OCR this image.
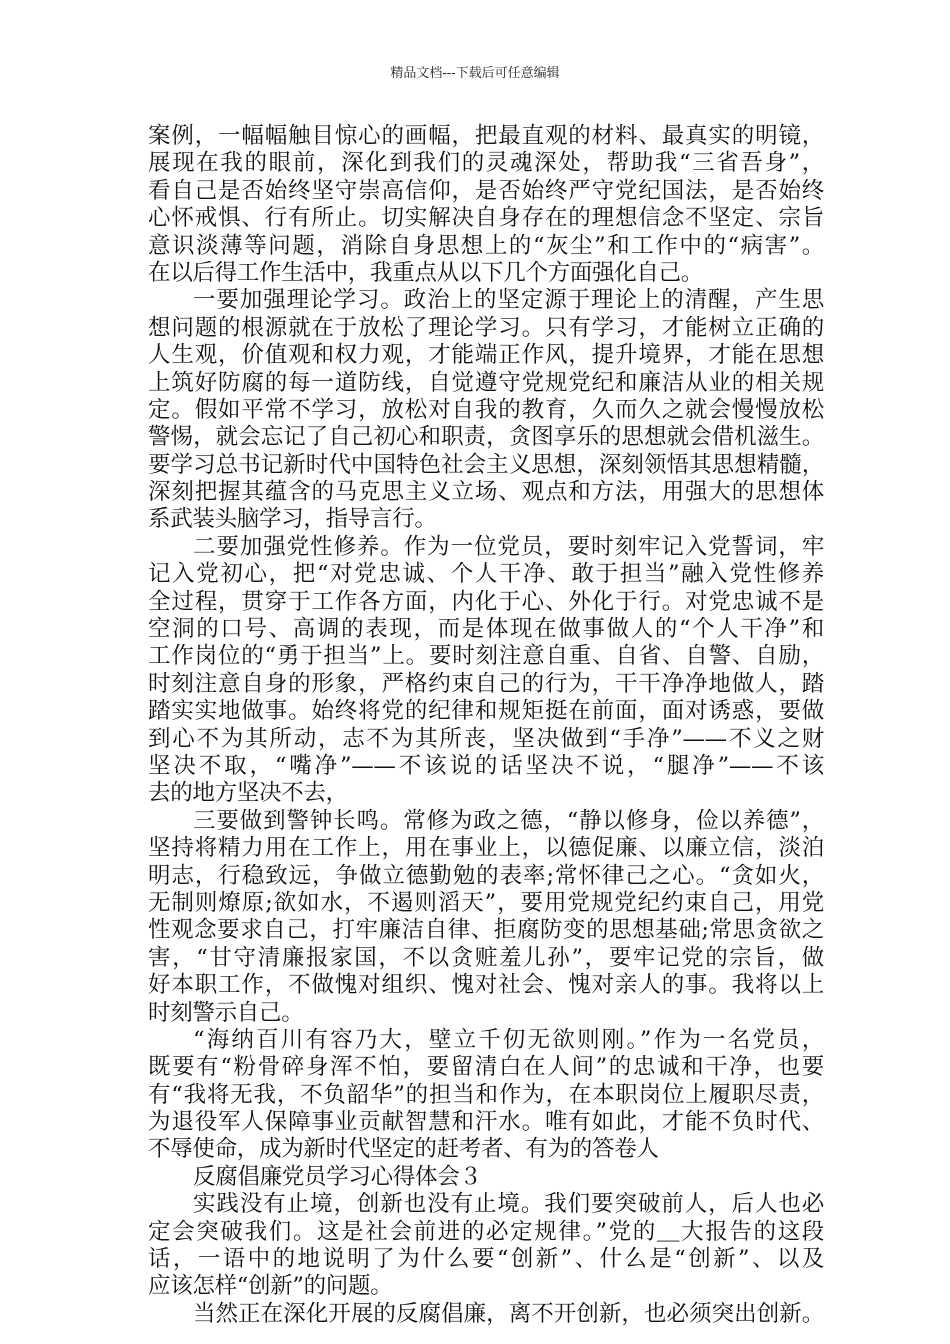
精品文档---下载后可任意编辑
案例，一幅幅触目惊心的画幅，把最直观的材料、最真实的明镜，
展现在我的眼前，深化到我们的灵魂深处，帮助我“三省吾身”，
看自己是否始终坚守崇高信仰，是否始终严守党纪国法，是否始终
心怀戒惧、行有所止。切实解决自身存在的理想信念不坚定、宗旨
意识淡薄等问题，消除自身思想上的“灰尘”和工作中的“病害”。
在以后得工作生活中，我重点从以下几个方面强化自己。
一要加强理论学习。政治上的坚定源于理论上的清醒，产生思
想问题的根源就在于放松了理论学习。只有学习，才能树立正确的
人生观，价值观和权力观，才能端正作风，提升境界，才能在思想
上筑好防腐的每一道防线，自觉遵守党规党纪和廉洁从业的相关规
定。假如平常不学习，放松对自我的教育，久而久之就会慢慢放松
警惕，就会忘记了自己初心和职责，贪图享乐的思想就会借机滋生。
要学习总书记新时代中国特色社会主义思想，深刻领悟其思想精髓，
深刻把握其蕴含的马克思主义立场、观点和方法，用强大的思想体
系武装头脑学习，指导言行。
二要加强党性修养。作为一位党员，要时刻牢记入党誓词，牢
记入党初心，把“对党忠诚、个人干净、敢于担当”融入党性修养
全过程，贯穿于工作各方面，内化于心、外化于行。对党忠诚不是
空洞的口号、高调的表现，而是体现在做事做人的“个人干净”和
工作岗位的“勇于担当”上。要时刻注意自重、自省、自警、自励，
时刻注意自身的形象，严格约束自己的行为，干干净净地做人，踏
踏实实地做事。始终将党的纪律和规矩挺在前面，面对诱惑，要做
到心不为其所动，志不为其所丧，坚决做到“手净”——不义之财
坚决不取，“嘴净”——不该说的话坚决不说，“腿净”——不该
去的地方坚决不去，
三要做到警钟长鸣。常修为政之德，“静以修身，俭以养德”，
坚持将精力用在工作上，用在事业上，以德促廉、以廉立信，淡泊
明志，行稳致远，争做立德勤勉的表率;常怀律己之心。“贪如火，
无制则燎原;欲如水，不遏则滔天”，要用党规党纪约束自己，用党
性观念要求自己，打牢廉洁自律、拒腐防变的思想基础;常思贪欲之
害，“甘守清廉报家国，不以贪赃羞儿孙”，要牢记党的宗旨，做
好本职工作，不做愧对组织、愧对社会、愧对亲人的事。我将以上
时刻警示自己。
“海纳百川有容乃大，壁立千仞无欲则刚。”作为一名党员，
既要有“粉骨碎身浑不怕，要留清白在人间”的忠诚和干净，也要
有“我将无我，不负韶华”的担当和作为，在本职岗位上履职尽责，
为退役军人保障事业贡献智慧和汗水。唯有如此，才能不负时代、
不辱使命，成为新时代坚定的赶考者、有为的答卷人
反腐倡廉党员学习心得体会３
实践没有止境，创新也没有止境。我们要突破前人，后人也必
定会突破我们。这是社会前进的必定规律。”党的＿大报告的这段
话，一语中的地说明了为什么要“创新”、什么是“创新”、以及
应该怎样“创新”的问题。
当然正在深化开展的反腐倡廉，离不开创新，也必须突出创新。
